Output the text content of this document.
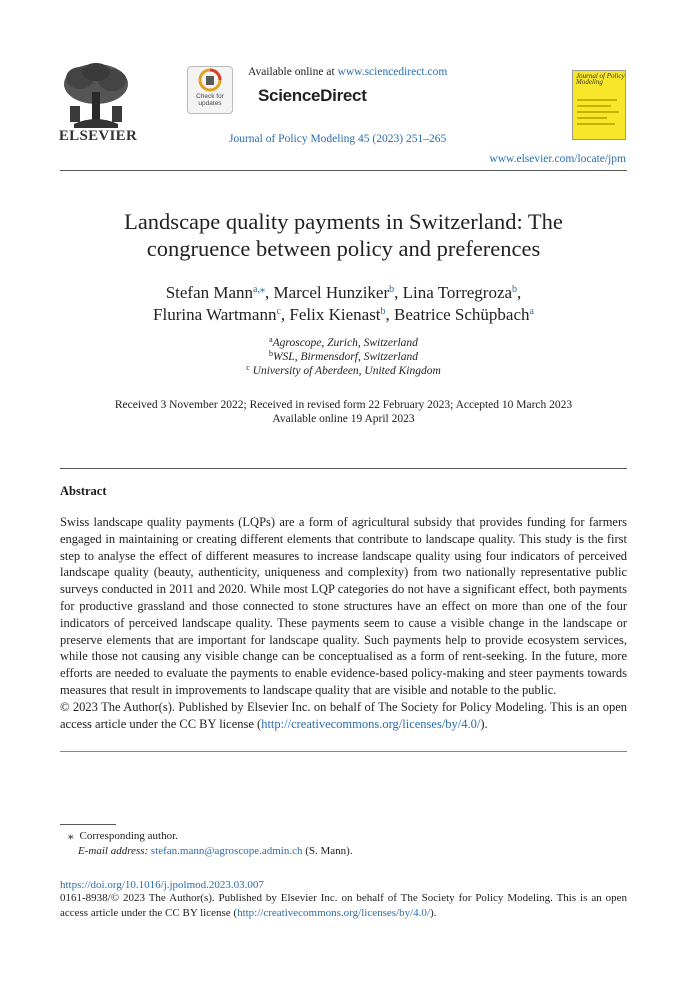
ELSEVIER
Check for updates
Available online at www.sciencedirect.com
ScienceDirect
Journal of Policy Modeling 45 (2023) 251–265
Journal of Policy Modeling
www.elsevier.com/locate/jpm
Landscape quality payments in Switzerland: The
congruence between policy and preferences
Stefan Mann$^{a,⁎}$, Marcel Hunziker$^b$, Lina Torregroza$^b$,
Flurina Wartmann$^c$, Felix Kienast$^b$, Beatrice Schüpbach$^a$
$^a$Agroscope, Zurich, Switzerland
$^b$WSL, Birmensdorf, Switzerland
$^c$ University of Aberdeen, United Kingdom
Received 3 November 2022; Received in revised form 22 February 2023; Accepted 10 March 2023
Available online 19 April 2023
Abstract

Swiss landscape quality payments (LQPs) are a form of agricultural subsidy that provides funding for farmers engaged in maintaining or creating different elements that contribute to landscape quality. This study is the first step to analyse the effect of different measures to increase landscape quality using four indicators of perceived landscape quality (beauty, authenticity, uniqueness and complexity) from two nationally representative public surveys conducted in 2011 and 2020. While most LQP categories do not have a significant effect, both payments for productive grassland and those connected to stone structures have an effect on more than one of the four indicators of perceived landscape quality. These payments seem to cause a visible change in the landscape or preserve elements that are important for landscape quality. Such payments help to provide ecosystem services, while those not causing any visible change can be conceptualised as a form of rent-seeking. In the future, more efforts are needed to evaluate the payments to enable evidence-based policy-making and steer payments towards measures that result in improvements to landscape quality that are visible and notable to the public.

© 2023 The Author(s). Published by Elsevier Inc. on behalf of The Society for Policy Modeling. This is an open access article under the CC BY license (http://creativecommons.org/licenses/by/4.0/).

⁎ Corresponding author.
E-mail address: stefan.mann@agroscope.admin.ch (S. Mann).
https://doi.org/10.1016/j.jpolmod.2023.03.007
0161-8938/© 2023 The Author(s). Published by Elsevier Inc. on behalf of The Society for Policy Modeling. This is an open access article under the CC BY license (http://creativecommons.org/licenses/by/4.0/).
